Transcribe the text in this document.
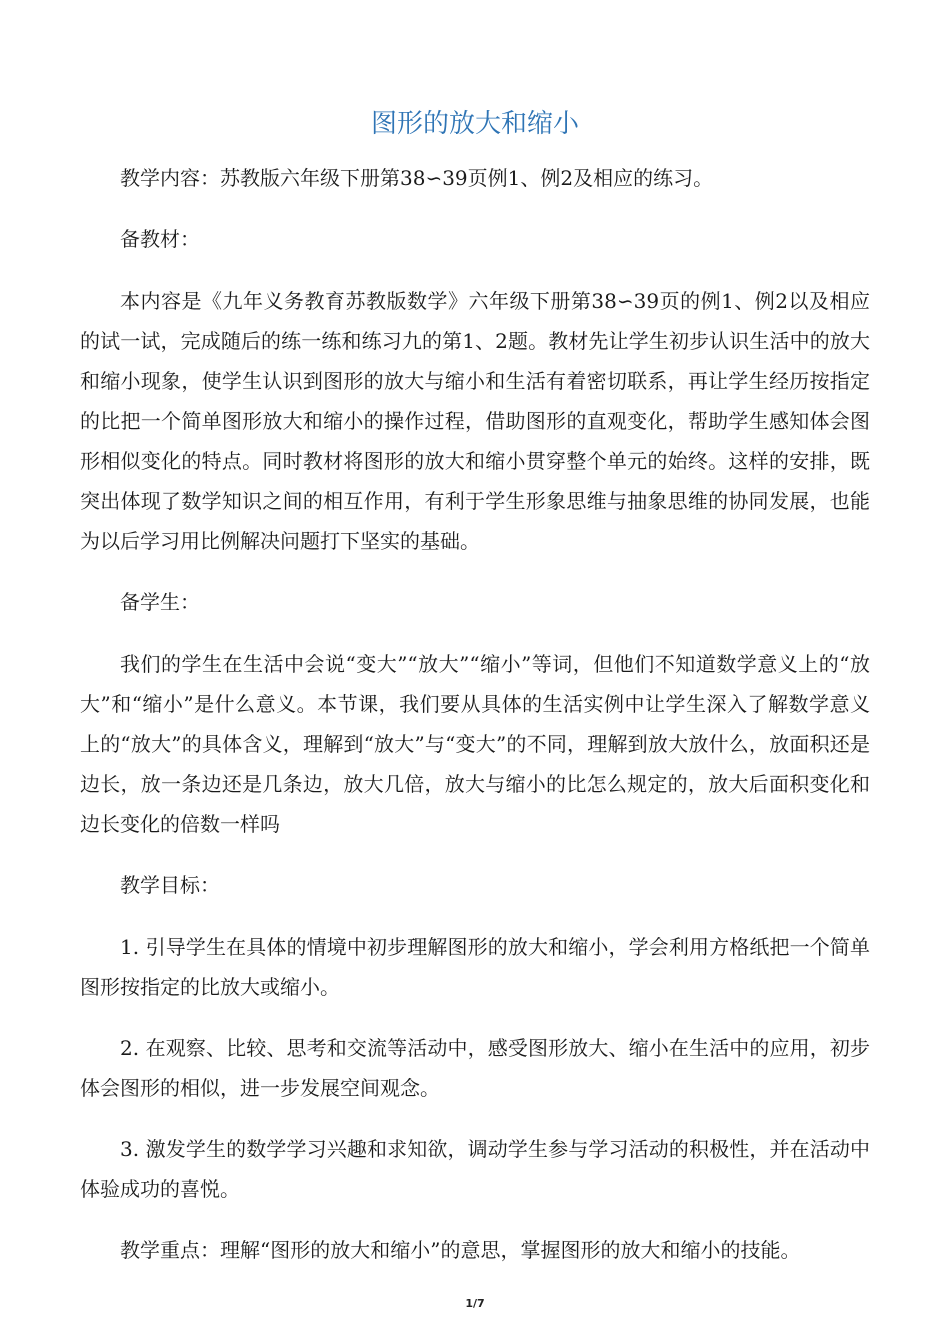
图形的放大和缩小

教学内容：苏教版六年级下册第38∽39页例1、例2及相应的练习。

备教材：

本内容是《九年义务教育苏教版数学》六年级下册第38∽39页的例1、例2以及相应的试一试，完成随后的练一练和练习九的第1、2题。教材先让学生初步认识生活中的放大和缩小现象，使学生认识到图形的放大与缩小和生活有着密切联系，再让学生经历按指定的比把一个简单图形放大和缩小的操作过程，借助图形的直观变化，帮助学生感知体会图形相似变化的特点。同时教材将图形的放大和缩小贯穿整个单元的始终。这样的安排，既突出体现了数学知识之间的相互作用，有利于学生形象思维与抽象思维的协同发展，也能为以后学习用比例解决问题打下坚实的基础。

备学生：

我们的学生在生活中会说“变大”“放大”“缩小”等词，但他们不知道数学意义上的“放大”和“缩小”是什么意义。本节课，我们要从具体的生活实例中让学生深入了解数学意义上的“放大”的具体含义，理解到“放大”与“变大”的不同，理解到放大放什么，放面积还是边长，放一条边还是几条边，放大几倍，放大与缩小的比怎么规定的，放大后面积变化和边长变化的倍数一样吗

教学目标：

1. 引导学生在具体的情境中初步理解图形的放大和缩小，学会利用方格纸把一个简单图形按指定的比放大或缩小。

2. 在观察、比较、思考和交流等活动中，感受图形放大、缩小在生活中的应用，初步体会图形的相似，进一步发展空间观念。

3. 激发学生的数学学习兴趣和求知欲，调动学生参与学习活动的积极性，并在活动中体验成功的喜悦。

教学重点：理解“图形的放大和缩小”的意思，掌握图形的放大和缩小的技能。

1/7
